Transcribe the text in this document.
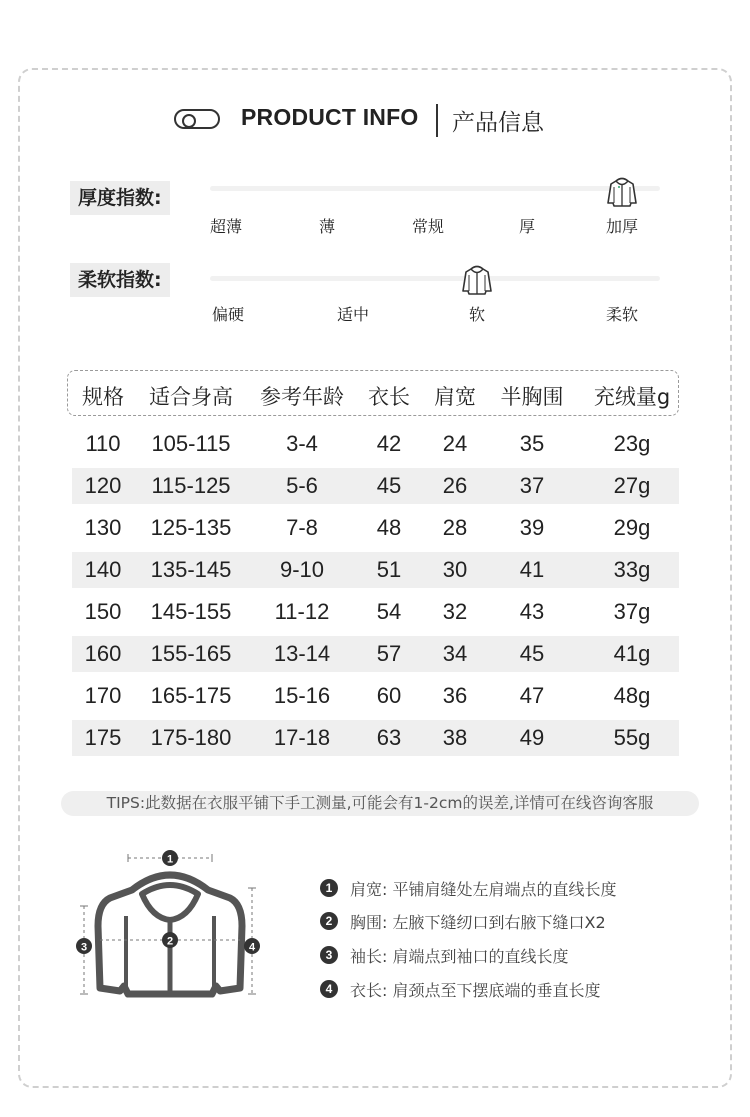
PRODUCT INFO 产品信息
厚度指数:
超薄	薄	常规	厚	加厚
柔软指数:
偏硬	适中	软	柔软
规格	适合身高	参考年龄	衣长	肩宽	半胸围	充绒量g
110	105-115	3-4	42	24	35	23g
120	115-125	5-6	45	26	37	27g
130	125-135	7-8	48	28	39	29g
140	135-145	9-10	51	30	41	33g
150	145-155	11-12	54	32	43	37g
160	155-165	13-14	57	34	45	41g
170	165-175	15-16	60	36	47	48g
175	175-180	17-18	63	38	49	55g
TIPS:此数据在衣服平铺下手工测量,可能会有1-2cm的误差,详情可在线咨询客服
1
2
3	4
1	肩宽: 平铺肩缝处左肩端点的直线长度
2	胸围: 左腋下缝纫口到右腋下缝口X2
3	袖长: 肩端点到袖口的直线长度
4	衣长: 肩颈点至下摆底端的垂直长度
